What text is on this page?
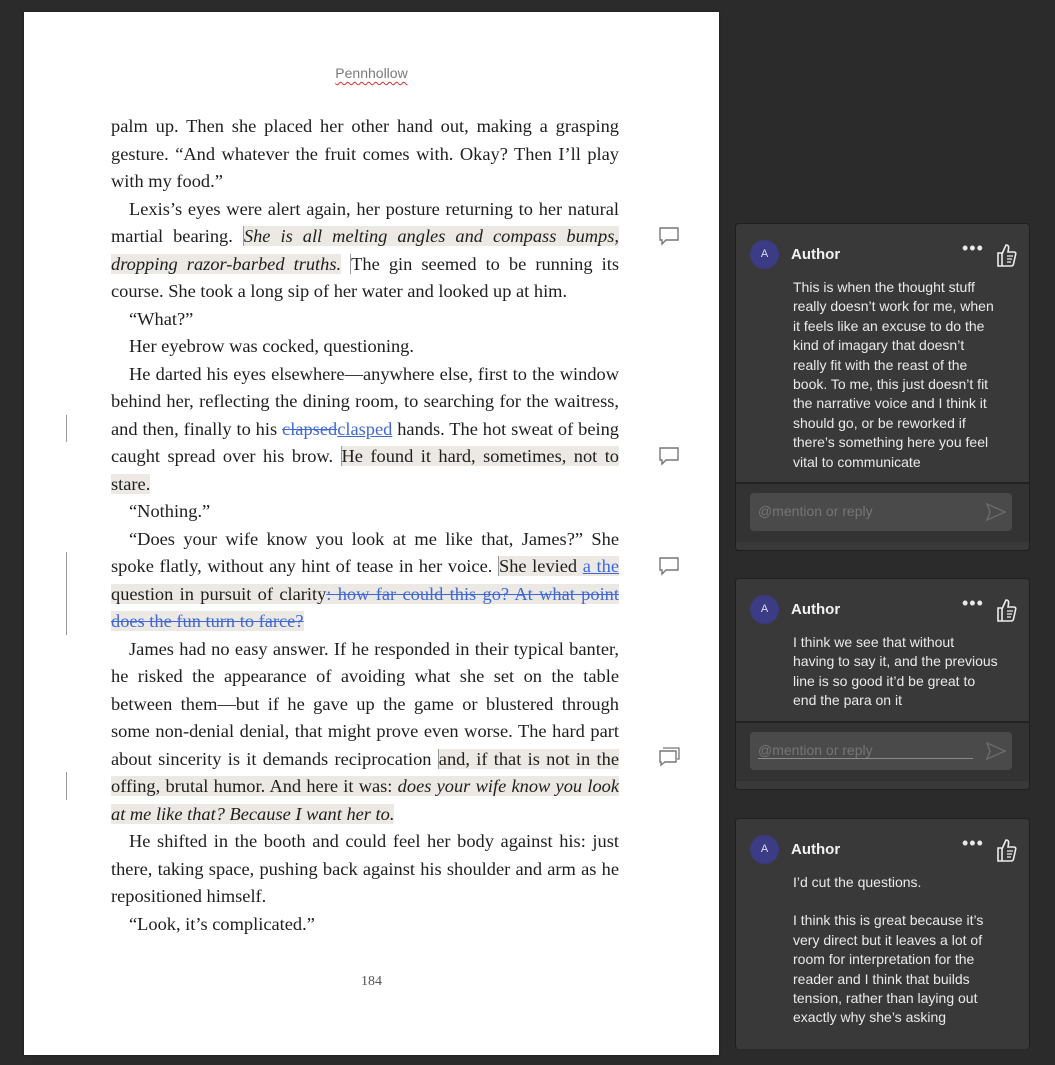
Pennhollow

palm up. Then she placed her other hand out, making a grasping gesture. “And whatever the fruit comes with. Okay? Then I’ll play with my food.”

Lexis’s eyes were alert again, her posture returning to her natural martial bearing. She is all melting angles and compass bumps, dropping razor-barbed truths. The gin seemed to be running its course. She took a long sip of her water and looked up at him.

“What?”

Her eyebrow was cocked, questioning.

He darted his eyes elsewhere—anywhere else, first to the window behind her, reflecting the dining room, to searching for the waitress, and then, finally to his clapsedclasped hands. The hot sweat of being caught spread over his brow. He found it hard, sometimes, not to stare.

“Nothing.”

“Does your wife know you look at me like that, James?” She spoke flatly, without any hint of tease in her voice. She levied a the question in pursuit of clarity: how far could this go? At what point does the fun turn to farce?

James had no easy answer. If he responded in their typical banter, he risked the appearance of avoiding what she set on the table between them—but if he gave up the game or blustered through some non-denial denial, that might prove even worse. The hard part about sincerity is it demands reciprocation and, if that is not in the offing, brutal humor. And here it was: does your wife know you look at me like that? Because I want her to.

He shifted in the booth and could feel her body against his: just there, taking space, pushing back against his shoulder and arm as he repositioned himself.

“Look, it’s complicated.”

184
A	Author	•••
This is when the thought stuff really doesn’t work for me, when it feels like an excuse to do the kind of imagary that doesn’t really fit with the reast of the book. To me, this just doesn’t fit the narrative voice and I think it should go, or be reworked if there’s something here you feel vital to communicate
@mention or reply
A	Author	•••
I think we see that without having to say it, and the previous line is so good it’d be great to end the para on it
@mention or reply
A	Author	•••
I’d cut the questions.
I think this is great because it’s very direct but it leaves a lot of room for interpretation for the reader and I think that builds tension, rather than laying out exactly why she’s asking
